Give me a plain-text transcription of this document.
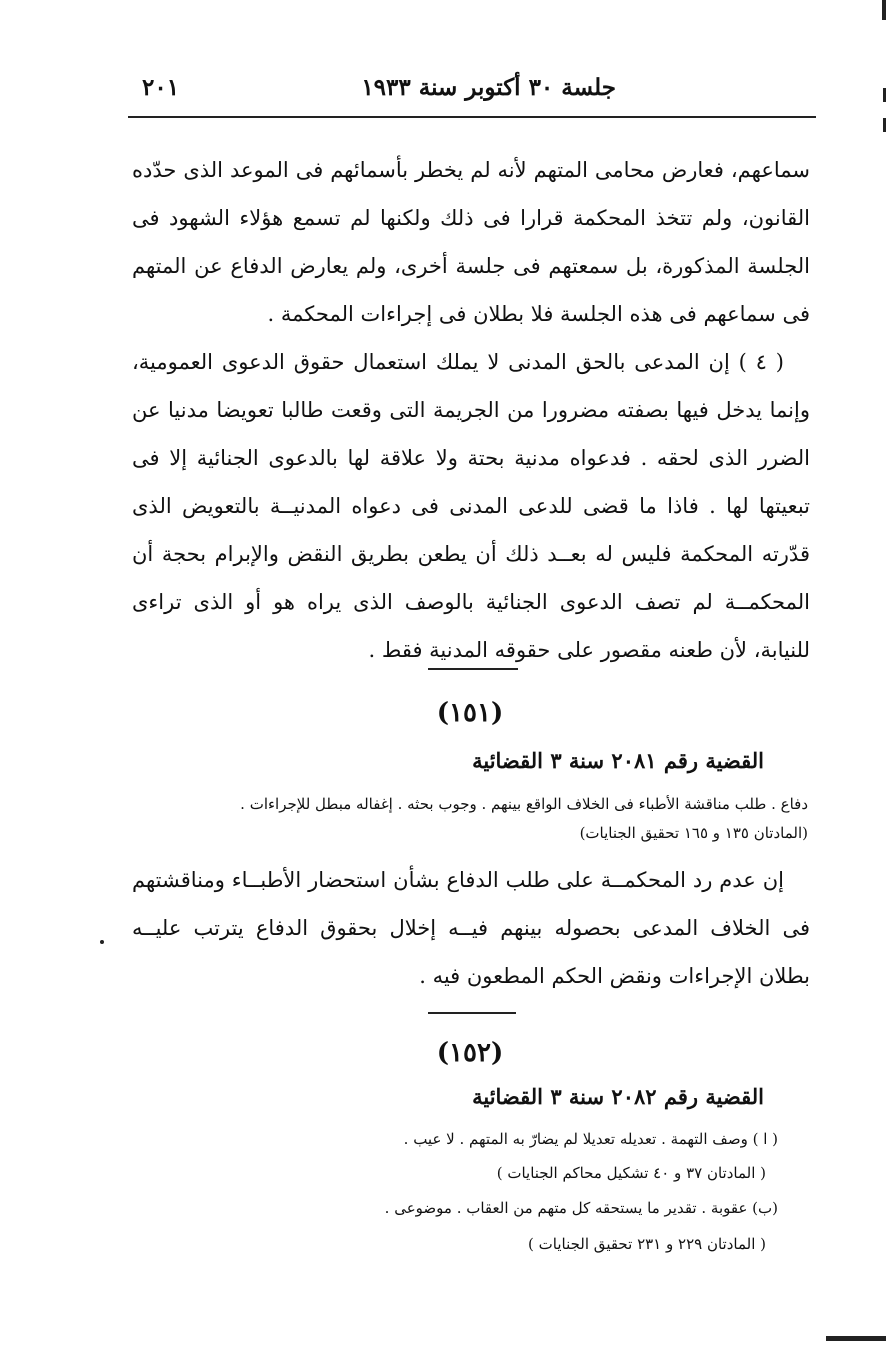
جلسة ٣٠ أكتوبر سنة ١٩٣٣
٢٠١

سماعهم، فعارض محامى المتهم لأنه لم يخطر بأسمائهم فى الموعد الذى حدّده القانون، ولم تتخذ المحكمة قرارا فى ذلك ولكنها لم تسمع هؤلاء الشهود فى الجلسة المذكورة، بل سمعتهم فى جلسة أخرى، ولم يعارض الدفاع عن المتهم فى سماعهم فى هذه الجلسة فلا بطلان فى إجراءات المحكمة .

( ٤ ) إن المدعى بالحق المدنى لا يملك استعمال حقوق الدعوى العمومية، وإنما يدخل فيها بصفته مضرورا من الجريمة التى وقعت طالبا تعويضا مدنيا عن الضرر الذى لحقه . فدعواه مدنية بحتة ولا علاقة لها بالدعوى الجنائية إلا فى تبعيتها لها . فاذا ما قضى للدعى المدنى فى دعواه المدنيــة بالتعويض الذى قدّرته المحكمة فليس له بعــد ذلك أن يطعن بطريق النقض والإبرام بحجة أن المحكمــة لم تصف الدعوى الجنائية بالوصف الذى يراه هو أو الذى تراءى للنيابة، لأن طعنه مقصور على حقوقه المدنية فقط .

(١٥١)
القضية رقم ٢٠٨١ سنة ٣ القضائية
دفاع . طلب مناقشة الأطباء فى الخلاف الواقع بينهم . وجوب بحثه . إغفاله مبطل للإجراءات .
(المادتان ١٣٥ و ١٦٥ تحقيق الجنايات)

إن عدم رد المحكمــة على طلب الدفاع بشأن استحضار الأطبــاء ومناقشتهم فى الخلاف المدعى بحصوله بينهم فيــه إخلال بحقوق الدفاع يترتب عليــه بطلان الإجراءات ونقض الحكم المطعون فيه .

(١٥٢)
القضية رقم ٢٠٨٢ سنة ٣ القضائية
( ا ) وصف التهمة . تعديله تعديلا لم يضارّ به المتهم . لا عيب .
( المادتان ٣٧ و ٤٠ تشكيل محاكم الجنايات )
(ب) عقوبة . تقدير ما يستحقه كل متهم من العقاب . موضوعى .
( المادتان ٢٢٩ و ٢٣١ تحقيق الجنايات )
